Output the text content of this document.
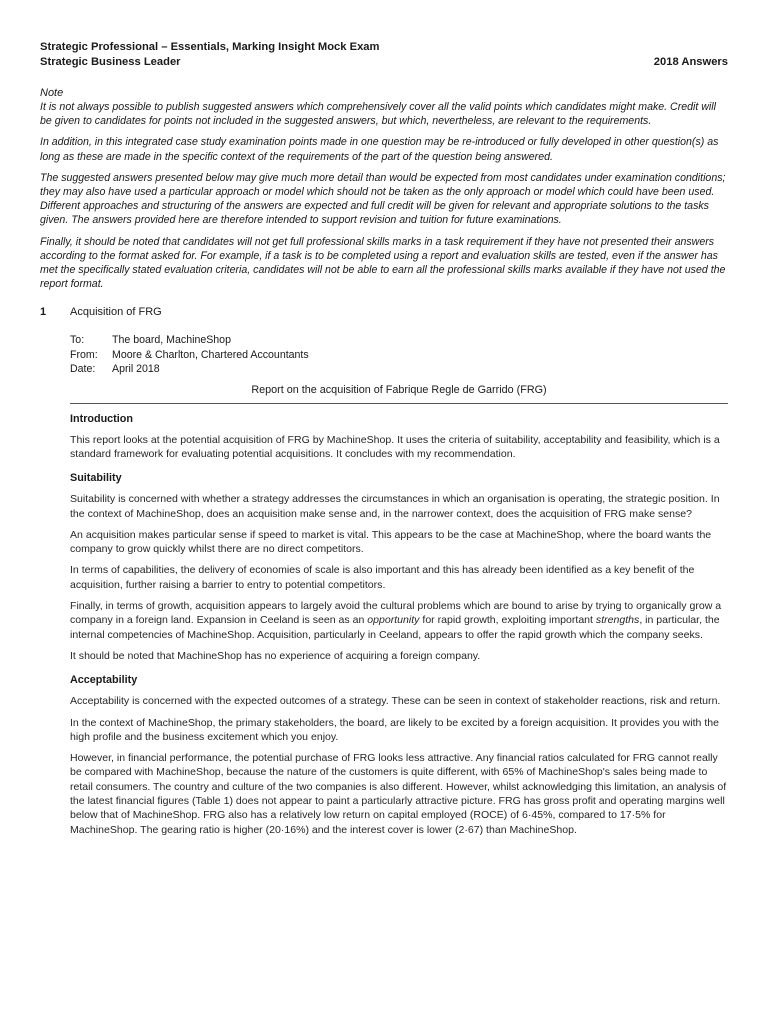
Strategic Professional – Essentials, Marking Insight Mock Exam
Strategic Business Leader	2018 Answers
Note

It is not always possible to publish suggested answers which comprehensively cover all the valid points which candidates might make. Credit will be given to candidates for points not included in the suggested answers, but which, nevertheless, are relevant to the requirements.

In addition, in this integrated case study examination points made in one question may be re-introduced or fully developed in other question(s) as long as these are made in the specific context of the requirements of the part of the question being answered.

The suggested answers presented below may give much more detail than would be expected from most candidates under examination conditions; they may also have used a particular approach or model which should not be taken as the only approach or model which could have been used. Different approaches and structuring of the answers are expected and full credit will be given for relevant and appropriate solutions to the tasks given. The answers provided here are therefore intended to support revision and tuition for future examinations.

Finally, it should be noted that candidates will not get full professional skills marks in a task requirement if they have not presented their answers according to the format asked for. For example, if a task is to be completed using a report and evaluation skills are tested, even if the answer has met the specifically stated evaluation criteria, candidates will not be able to earn all the professional skills marks available if they have not used the report format.

1	Acquisition of FRG
To:	The board, MachineShop
From:	Moore & Charlton, Chartered Accountants
Date:	April 2018
Report on the acquisition of Fabrique Regle de Garrido (FRG)
Introduction

This report looks at the potential acquisition of FRG by MachineShop. It uses the criteria of suitability, acceptability and feasibility, which is a standard framework for evaluating potential acquisitions. It concludes with my recommendation.

Suitability

Suitability is concerned with whether a strategy addresses the circumstances in which an organisation is operating, the strategic position. In the context of MachineShop, does an acquisition make sense and, in the narrower context, does the acquisition of FRG make sense?

An acquisition makes particular sense if speed to market is vital. This appears to be the case at MachineShop, where the board wants the company to grow quickly whilst there are no direct competitors.

In terms of capabilities, the delivery of economies of scale is also important and this has already been identified as a key benefit of the acquisition, further raising a barrier to entry to potential competitors.

Finally, in terms of growth, acquisition appears to largely avoid the cultural problems which are bound to arise by trying to organically grow a company in a foreign land. Expansion in Ceeland is seen as an opportunity for rapid growth, exploiting important strengths, in particular, the internal competencies of MachineShop. Acquisition, particularly in Ceeland, appears to offer the rapid growth which the company seeks.

It should be noted that MachineShop has no experience of acquiring a foreign company.

Acceptability

Acceptability is concerned with the expected outcomes of a strategy. These can be seen in context of stakeholder reactions, risk and return.

In the context of MachineShop, the primary stakeholders, the board, are likely to be excited by a foreign acquisition. It provides you with the high profile and the business excitement which you enjoy.

However, in financial performance, the potential purchase of FRG looks less attractive. Any financial ratios calculated for FRG cannot really be compared with MachineShop, because the nature of the customers is quite different, with 65% of MachineShop's sales being made to retail consumers. The country and culture of the two companies is also different. However, whilst acknowledging this limitation, an analysis of the latest financial figures (Table 1) does not appear to paint a particularly attractive picture. FRG has gross profit and operating margins well below that of MachineShop. FRG also has a relatively low return on capital employed (ROCE) of 6·45%, compared to 17·5% for MachineShop. The gearing ratio is higher (20·16%) and the interest cover is lower (2·67) than MachineShop.
